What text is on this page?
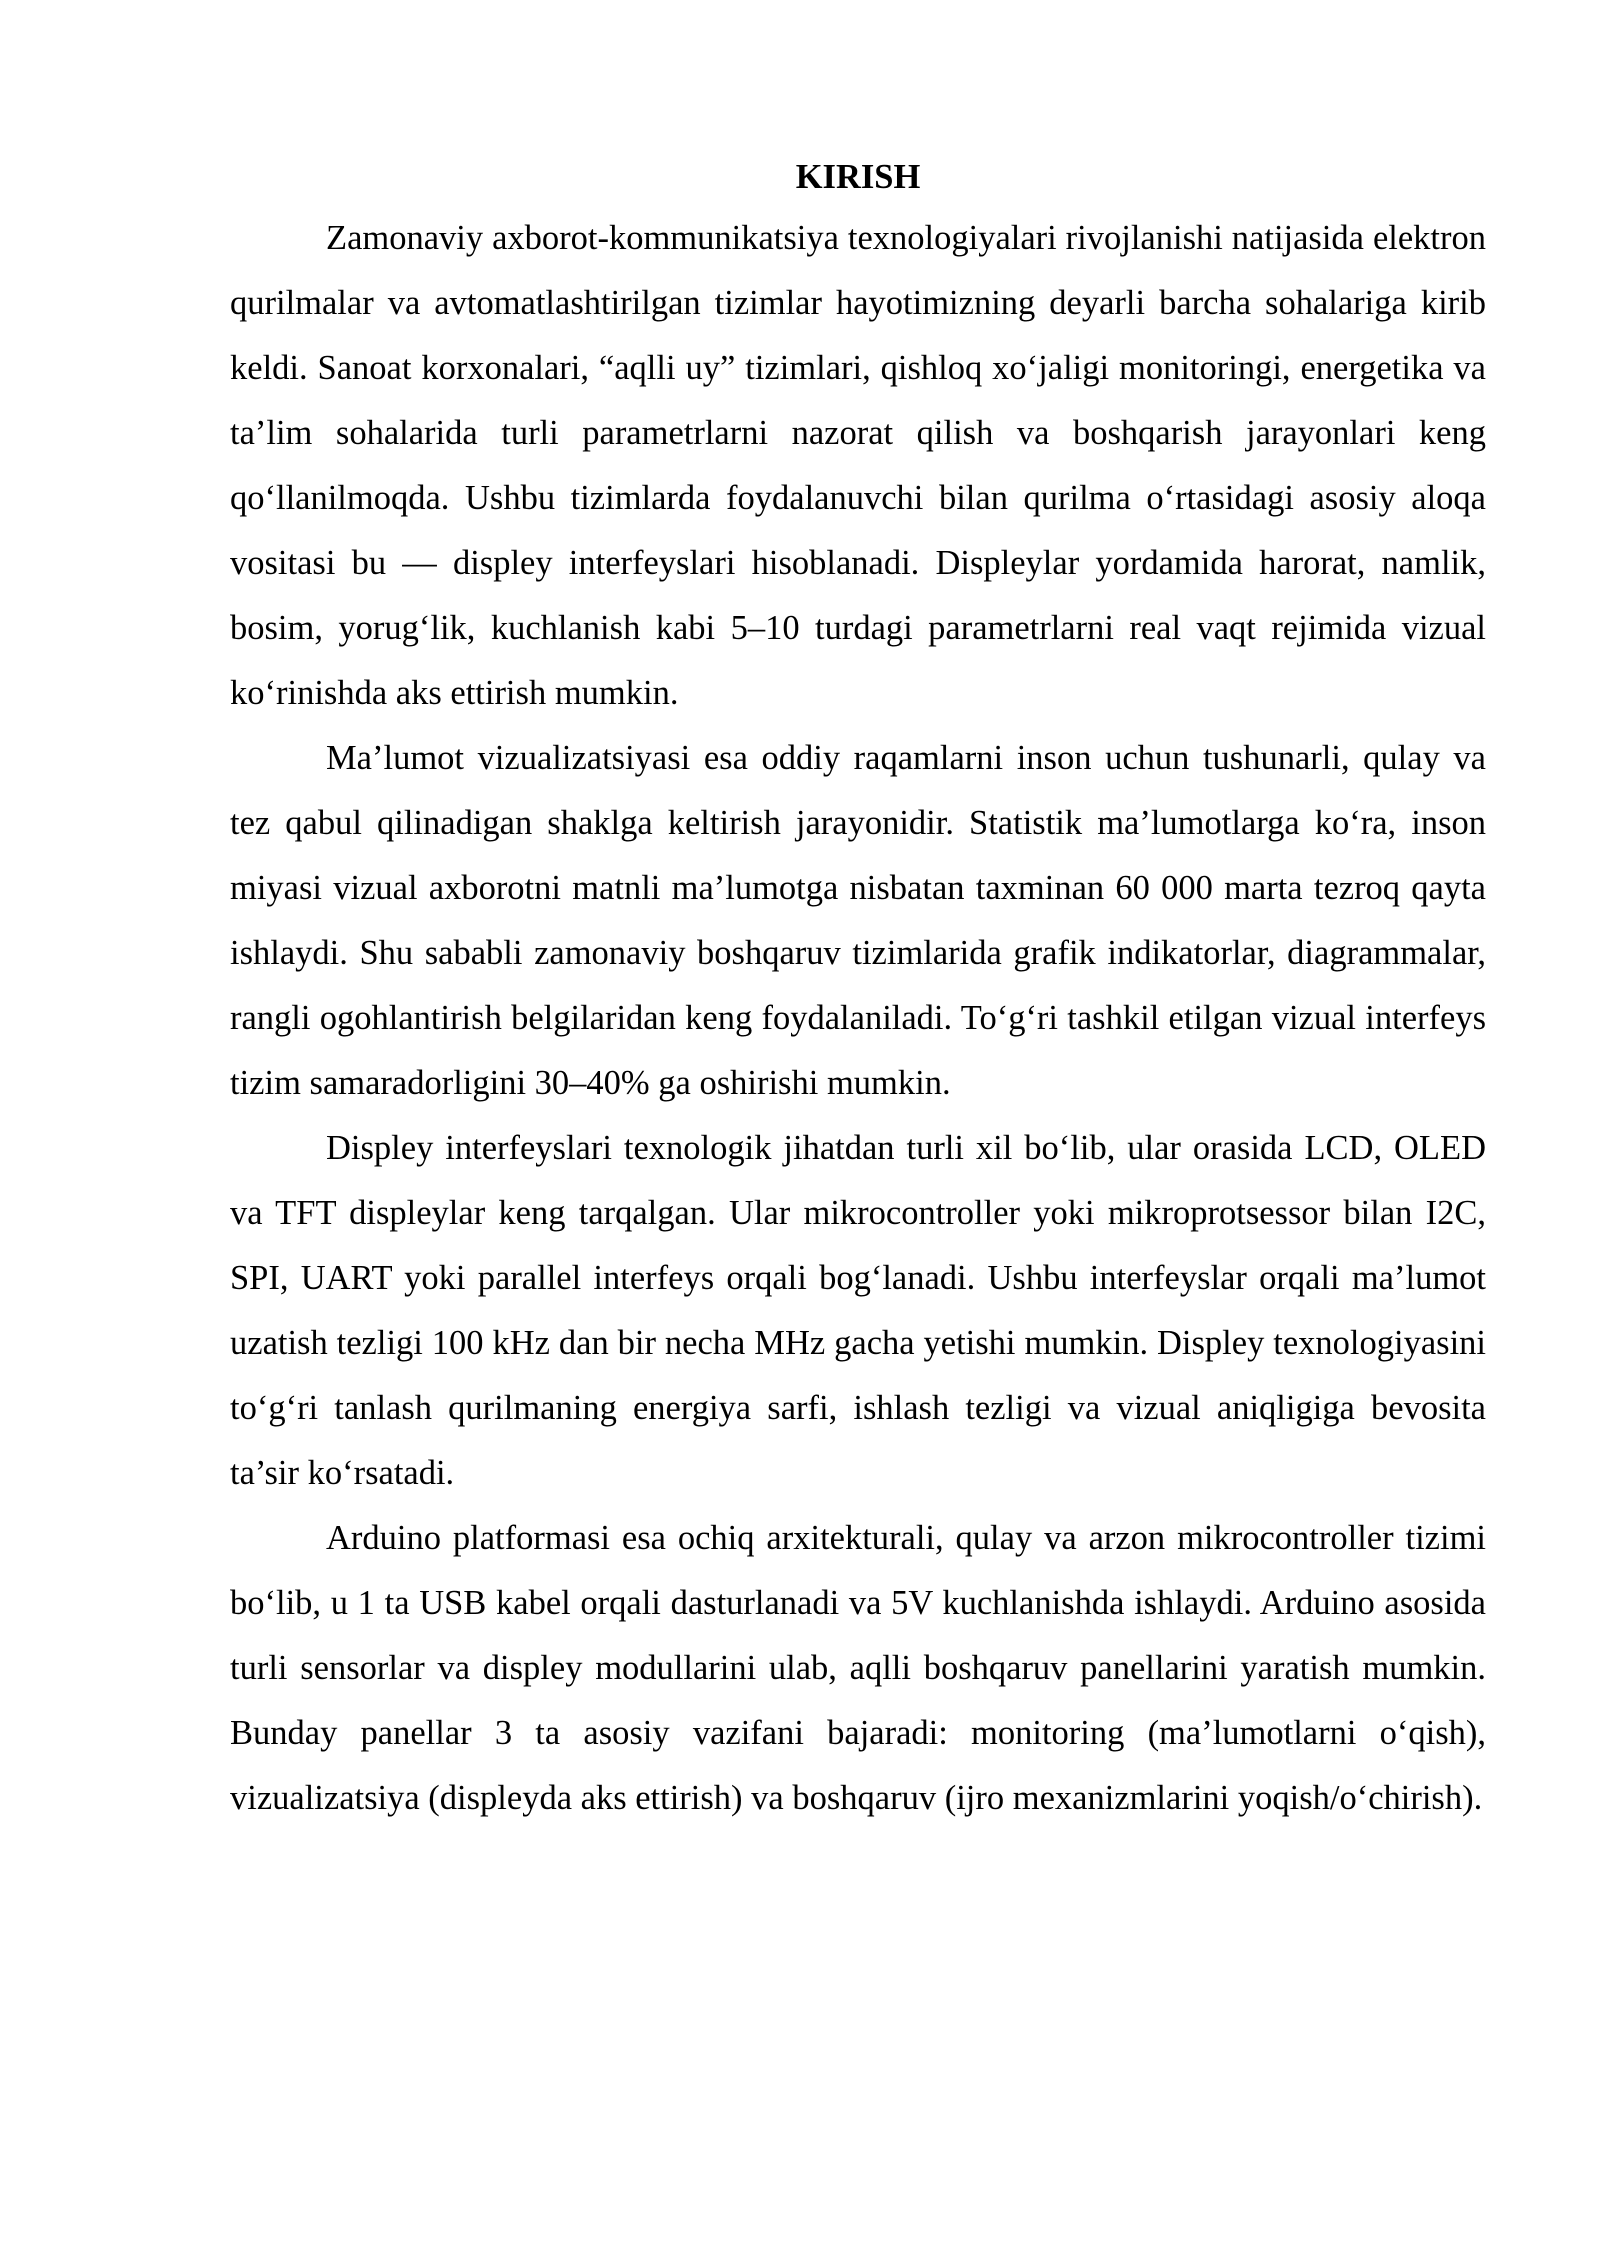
KIRISH

Zamonaviy axborot-kommunikatsiya texnologiyalari rivojlanishi natijasida elektron qurilmalar va avtomatlashtirilgan tizimlar hayotimizning deyarli barcha sohalariga kirib keldi. Sanoat korxonalari, “aqlli uy” tizimlari, qishloq xo‘jaligi monitoringi, energetika va ta’lim sohalarida turli parametrlarni nazorat qilish va boshqarish jarayonlari keng qo‘llanilmoqda. Ushbu tizimlarda foydalanuvchi bilan qurilma o‘rtasidagi asosiy aloqa vositasi bu — displey interfeyslari hisoblanadi. Displeylar yordamida harorat, namlik, bosim, yorug‘lik, kuchlanish kabi 5–10 turdagi parametrlarni real vaqt rejimida vizual ko‘rinishda aks ettirish mumkin.

Ma’lumot vizualizatsiyasi esa oddiy raqamlarni inson uchun tushunarli, qulay va tez qabul qilinadigan shaklga keltirish jarayonidir. Statistik ma’lumotlarga ko‘ra, inson miyasi vizual axborotni matnli ma’lumotga nisbatan taxminan 60 000 marta tezroq qayta ishlaydi. Shu sababli zamonaviy boshqaruv tizimlarida grafik indikatorlar, diagrammalar, rangli ogohlantirish belgilaridan keng foydalaniladi. To‘g‘ri tashkil etilgan vizual interfeys tizim samaradorligini 30–40% ga oshirishi mumkin.

Displey interfeyslari texnologik jihatdan turli xil bo‘lib, ular orasida LCD, OLED va TFT displeylar keng tarqalgan. Ular mikrocontroller yoki mikroprotsessor bilan I2C, SPI, UART yoki parallel interfeys orqali bog‘lanadi. Ushbu interfeyslar orqali ma’lumot uzatish tezligi 100 kHz dan bir necha MHz gacha yetishi mumkin. Displey texnologiyasini to‘g‘ri tanlash qurilmaning energiya sarfi, ishlash tezligi va vizual aniqligiga bevosita ta’sir ko‘rsatadi.

Arduino platformasi esa ochiq arxitekturali, qulay va arzon mikrocontroller tizimi bo‘lib, u 1 ta USB kabel orqali dasturlanadi va 5V kuchlanishda ishlaydi. Arduino asosida turli sensorlar va displey modullarini ulab, aqlli boshqaruv panellarini yaratish mumkin. Bunday panellar 3 ta asosiy vazifani bajaradi: monitoring (ma’lumotlarni o‘qish), vizualizatsiya (displeyda aks ettirish) va boshqaruv (ijro mexanizmlarini yoqish/o‘chirish).
